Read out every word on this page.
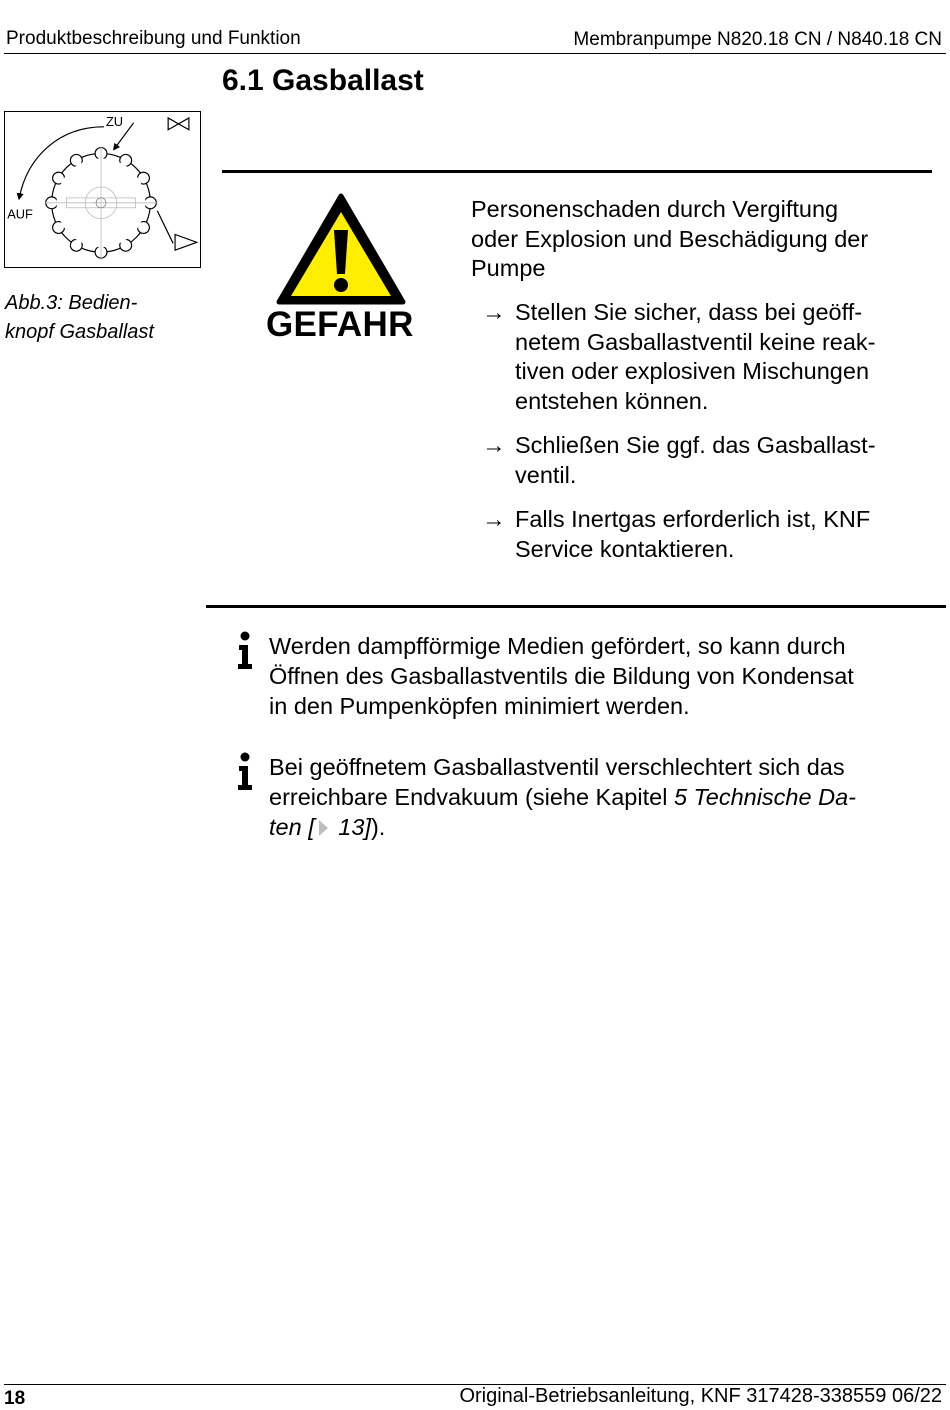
Produktbeschreibung und Funktion	Membranpumpe N820.18 CN / N840.18 CN
6.1 Gasballast
ZU
AUF
Abb.3: Bedien-
knopf Gasballast	GEFAHR
Personenschaden durch Vergiftung
oder Explosion und Beschädigung der
Pumpe
→ Stellen Sie sicher, dass bei geöff-
netem Gasballastventil keine reak-
tiven oder explosiven Mischungen
entstehen können.
→ Schließen Sie ggf. das Gasballast-
ventil.
→ Falls Inertgas erforderlich ist, KNF
Service kontaktieren.
Werden dampfförmige Medien gefördert, so kann durch
Öffnen des Gasballastventils die Bildung von Kondensat
in den Pumpenköpfen minimiert werden.
Bei geöffnetem Gasballastventil verschlechtert sich das
erreichbare Endvakuum (siehe Kapitel 5 Technische Da-
ten [ 13]).
18	Original-Betriebsanleitung, KNF 317428-338559 06/22
